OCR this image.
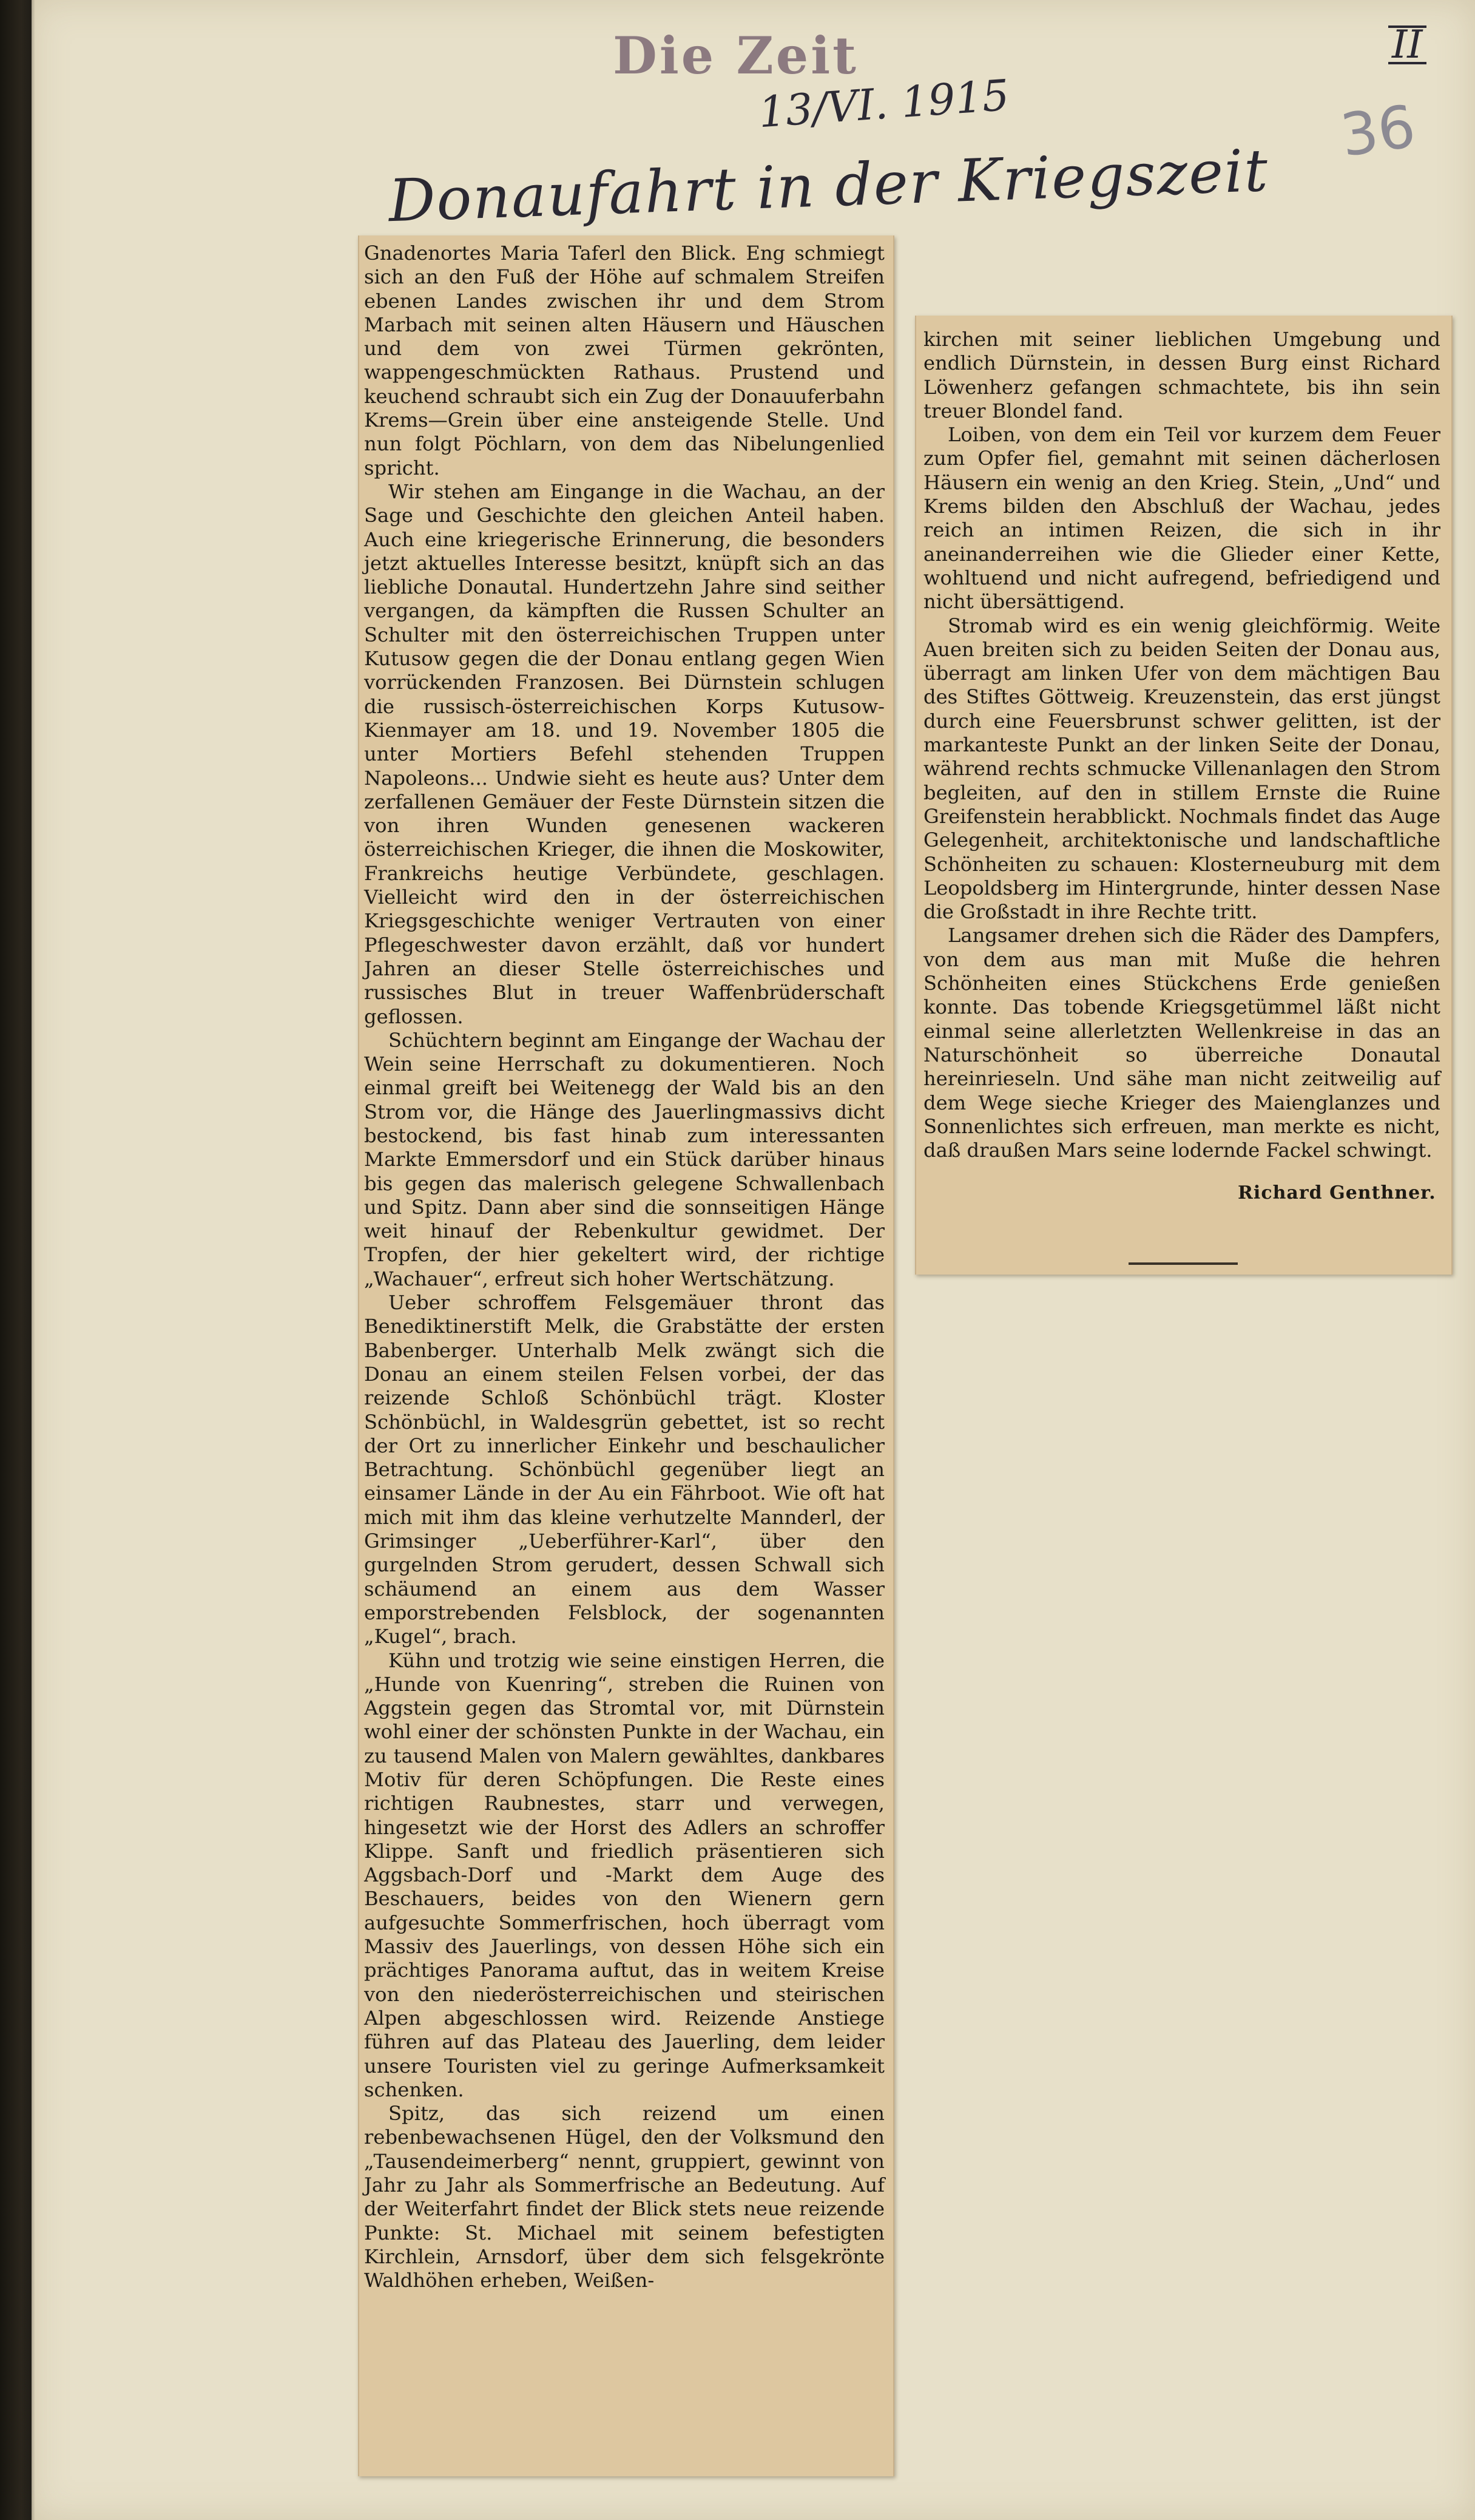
Die Zeit	II
13/VI. 1915	36
Donaufahrt in der Kriegszeit

Gnadenortes Maria Taferl den Blick. Eng schmiegt sich an den Fuß der Höhe auf schmalem Streifen ebenen Landes zwischen ihr und dem Strom Marbach mit seinen alten Häusern und Häuschen und dem von zwei Türmen gekrönten, wappengeschmückten Rathaus. Prustend und keuchend schraubt sich ein Zug der Donauuferbahn Krems—Grein über eine ansteigende Stelle. Und nun folgt Pöchlarn, von dem das Nibelungenlied spricht.

Wir stehen am Eingange in die Wachau, an der Sage und Geschichte den gleichen Anteil haben. Auch eine kriegerische Erinnerung, die besonders jetzt aktuelles Interesse besitzt, knüpft sich an das liebliche Donautal. Hundertzehn Jahre sind seither vergangen, da kämpften die Russen Schulter an Schulter mit den österreichischen Truppen unter Kutusow gegen die der Donau entlang gegen Wien vorrückenden Franzosen. Bei Dürnstein schlugen die russisch-österreichischen Korps Kutusow-Kienmayer am 18. und 19. November 1805 die unter Mortiers Befehl stehenden Truppen Napoleons... Undwie sieht es heute aus? Unter dem zerfallenen Gemäuer der Feste Dürnstein sitzen die von ihren Wunden genesenen wackeren österreichischen Krieger, die ihnen die Moskowiter, Frankreichs heutige Verbündete, geschlagen. Vielleicht wird den in der österreichischen Kriegsgeschichte weniger Vertrauten von einer Pflegeschwester davon erzählt, daß vor hundert Jahren an dieser Stelle österreichisches und russisches Blut in treuer Waffenbrüderschaft geflossen.

Schüchtern beginnt am Eingange der Wachau der Wein seine Herrschaft zu dokumentieren. Noch einmal greift bei Weitenegg der Wald bis an den Strom vor, die Hänge des Jauerlingmassivs dicht bestockend, bis fast hinab zum interessanten Markte Emmersdorf und ein Stück darüber hinaus bis gegen das malerisch gelegene Schwallenbach und Spitz. Dann aber sind die sonnseitigen Hänge weit hinauf der Rebenkultur gewidmet. Der Tropfen, der hier gekeltert wird, der richtige „Wachauer“, erfreut sich hoher Wertschätzung.

Ueber schroffem Felsgemäuer thront das Benediktinerstift Melk, die Grabstätte der ersten Babenberger. Unterhalb Melk zwängt sich die Donau an einem steilen Felsen vorbei, der das reizende Schloß Schönbüchl trägt. Kloster Schönbüchl, in Waldesgrün gebettet, ist so recht der Ort zu innerlicher Einkehr und beschaulicher Betrachtung. Schönbüchl gegenüber liegt an einsamer Lände in der Au ein Fährboot. Wie oft hat mich mit ihm das kleine verhutzelte Mannderl, der Grimsinger „Ueberführer-Karl“, über den gurgelnden Strom gerudert, dessen Schwall sich schäumend an einem aus dem Wasser emporstrebenden Felsblock, der sogenannten „Kugel“, brach.

Kühn und trotzig wie seine einstigen Herren, die „Hunde von Kuenring“, streben die Ruinen von Aggstein gegen das Stromtal vor, mit Dürnstein wohl einer der schönsten Punkte in der Wachau, ein zu tausend Malen von Malern gewähltes, dankbares Motiv für deren Schöpfungen. Die Reste eines richtigen Raubnestes, starr und verwegen, hingesetzt wie der Horst des Adlers an schroffer Klippe. Sanft und friedlich präsentieren sich Aggsbach-Dorf und -Markt dem Auge des Beschauers, beides von den Wienern gern aufgesuchte Sommerfrischen, hoch überragt vom Massiv des Jauerlings, von dessen Höhe sich ein prächtiges Panorama auftut, das in weitem Kreise von den niederösterreichischen und steirischen Alpen abgeschlossen wird. Reizende Anstiege führen auf das Plateau des Jauerling, dem leider unsere Touristen viel zu geringe Aufmerksamkeit schenken.

Spitz, das sich reizend um einen rebenbewachsenen Hügel, den der Volksmund den „Tausendeimerberg“ nennt, gruppiert, gewinnt von Jahr zu Jahr als Sommerfrische an Bedeutung. Auf der Weiterfahrt findet der Blick stets neue reizende Punkte: St. Michael mit seinem befestigten Kirchlein, Arnsdorf, über dem sich felsgekrönte Waldhöhen erheben, Weißen-

kirchen mit seiner lieblichen Umgebung und endlich Dürnstein, in dessen Burg einst Richard Löwenherz gefangen schmachtete, bis ihn sein treuer Blondel fand.

Loiben, von dem ein Teil vor kurzem dem Feuer zum Opfer fiel, gemahnt mit seinen dächerlosen Häusern ein wenig an den Krieg. Stein, „Und“ und Krems bilden den Abschluß der Wachau, jedes reich an intimen Reizen, die sich in ihr aneinanderreihen wie die Glieder einer Kette, wohltuend und nicht aufregend, befriedigend und nicht übersättigend.

Stromab wird es ein wenig gleichförmig. Weite Auen breiten sich zu beiden Seiten der Donau aus, überragt am linken Ufer von dem mächtigen Bau des Stiftes Göttweig. Kreuzenstein, das erst jüngst durch eine Feuersbrunst schwer gelitten, ist der markanteste Punkt an der linken Seite der Donau, während rechts schmucke Villenanlagen den Strom begleiten, auf den in stillem Ernste die Ruine Greifenstein herabblickt. Nochmals findet das Auge Gelegenheit, architektonische und landschaftliche Schönheiten zu schauen: Klosterneuburg mit dem Leopoldsberg im Hintergrunde, hinter dessen Nase die Großstadt in ihre Rechte tritt.

Langsamer drehen sich die Räder des Dampfers, von dem aus man mit Muße die hehren Schönheiten eines Stückchens Erde genießen konnte. Das tobende Kriegsgetümmel läßt nicht einmal seine allerletzten Wellenkreise in das an Naturschönheit so überreiche Donautal hereinrieseln. Und sähe man nicht zeitweilig auf dem Wege sieche Krieger des Maienglanzes und Sonnenlichtes sich erfreuen, man merkte es nicht, daß draußen Mars seine lodernde Fackel schwingt.

Richard Genthner.
